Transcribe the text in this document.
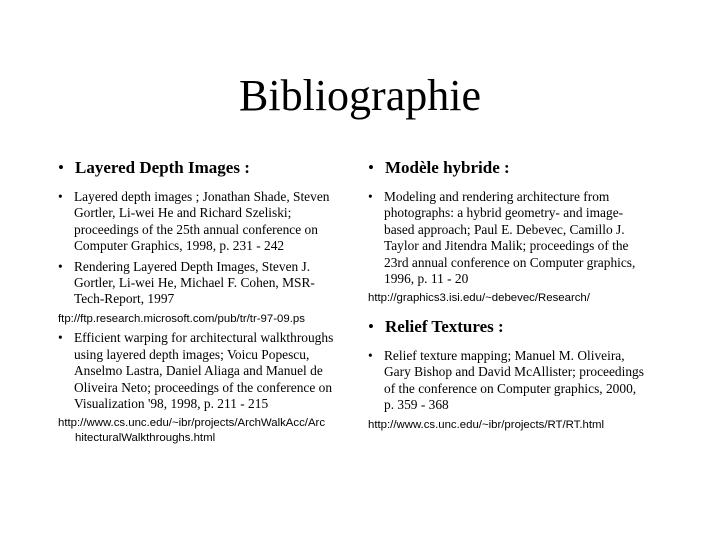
Bibliographie
• Layered Depth Images :
• Layered depth images ; Jonathan Shade, Steven
Gortler, Li-wei He and Richard Szeliski;
proceedings of the 25th annual conference on
Computer Graphics, 1998, p. 231 - 242
• Rendering Layered Depth Images, Steven J.
Gortler, Li-wei He, Michael F. Cohen, MSR-
Tech-Report, 1997
ftp://ftp.research.microsoft.com/pub/tr/tr-97-09.ps
• Efficient warping for architectural walkthroughs
using layered depth images; Voicu Popescu,
Anselmo Lastra, Daniel Aliaga and Manuel de
Oliveira Neto; proceedings of the conference on
Visualization '98, 1998, p. 211 - 215
http://www.cs.unc.edu/~ibr/projects/ArchWalkAcc/Arc
hitecturalWalkthroughs.html
• Modèle hybride :
• Modeling and rendering architecture from
photographs: a hybrid geometry- and image-
based approach; Paul E. Debevec, Camillo J.
Taylor and Jitendra Malik; proceedings of the
23rd annual conference on Computer graphics,
1996, p. 11 - 20
http://graphics3.isi.edu/~debevec/Research/
• Relief Textures :
• Relief texture mapping; Manuel M. Oliveira,
Gary Bishop and David McAllister; proceedings
of the conference on Computer graphics, 2000,
p. 359 - 368
http://www.cs.unc.edu/~ibr/projects/RT/RT.html
